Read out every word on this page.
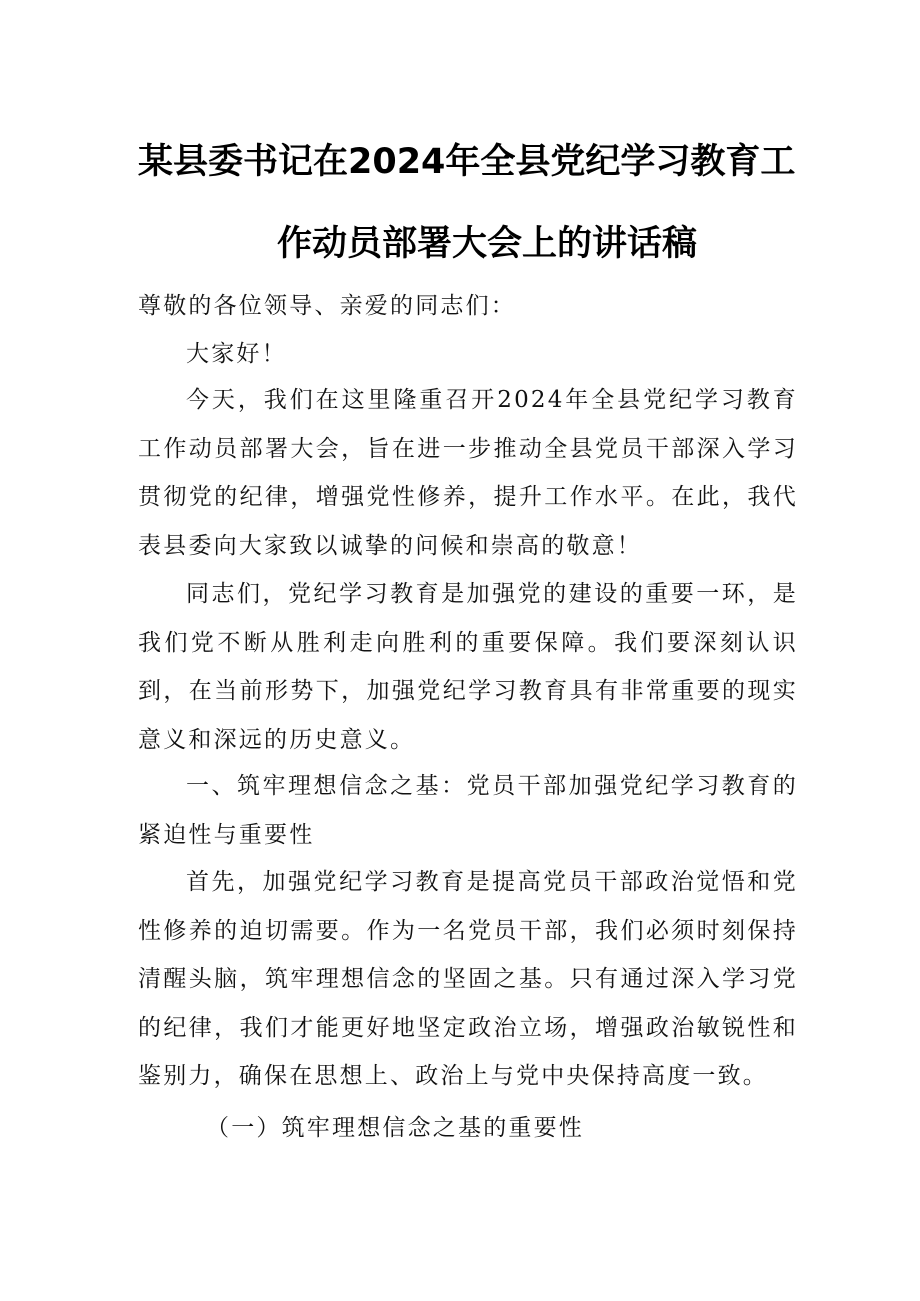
某县委书记在2024年全县党纪学习教育工
作动员部署大会上的讲话稿

尊敬的各位领导、亲爱的同志们：

大家好！

今天，我们在这里隆重召开2024年全县党纪学习教育工作动员部署大会，旨在进一步推动全县党员干部深入学习贯彻党的纪律，增强党性修养，提升工作水平。在此，我代表县委向大家致以诚挚的问候和崇高的敬意！

同志们，党纪学习教育是加强党的建设的重要一环，是我们党不断从胜利走向胜利的重要保障。我们要深刻认识到，在当前形势下，加强党纪学习教育具有非常重要的现实意义和深远的历史意义。

一、筑牢理想信念之基：党员干部加强党纪学习教育的紧迫性与重要性

首先，加强党纪学习教育是提高党员干部政治觉悟和党性修养的迫切需要。作为一名党员干部，我们必须时刻保持清醒头脑，筑牢理想信念的坚固之基。只有通过深入学习党的纪律，我们才能更好地坚定政治立场，增强政治敏锐性和鉴别力，确保在思想上、政治上与党中央保持高度一致。

（一）筑牢理想信念之基的重要性
